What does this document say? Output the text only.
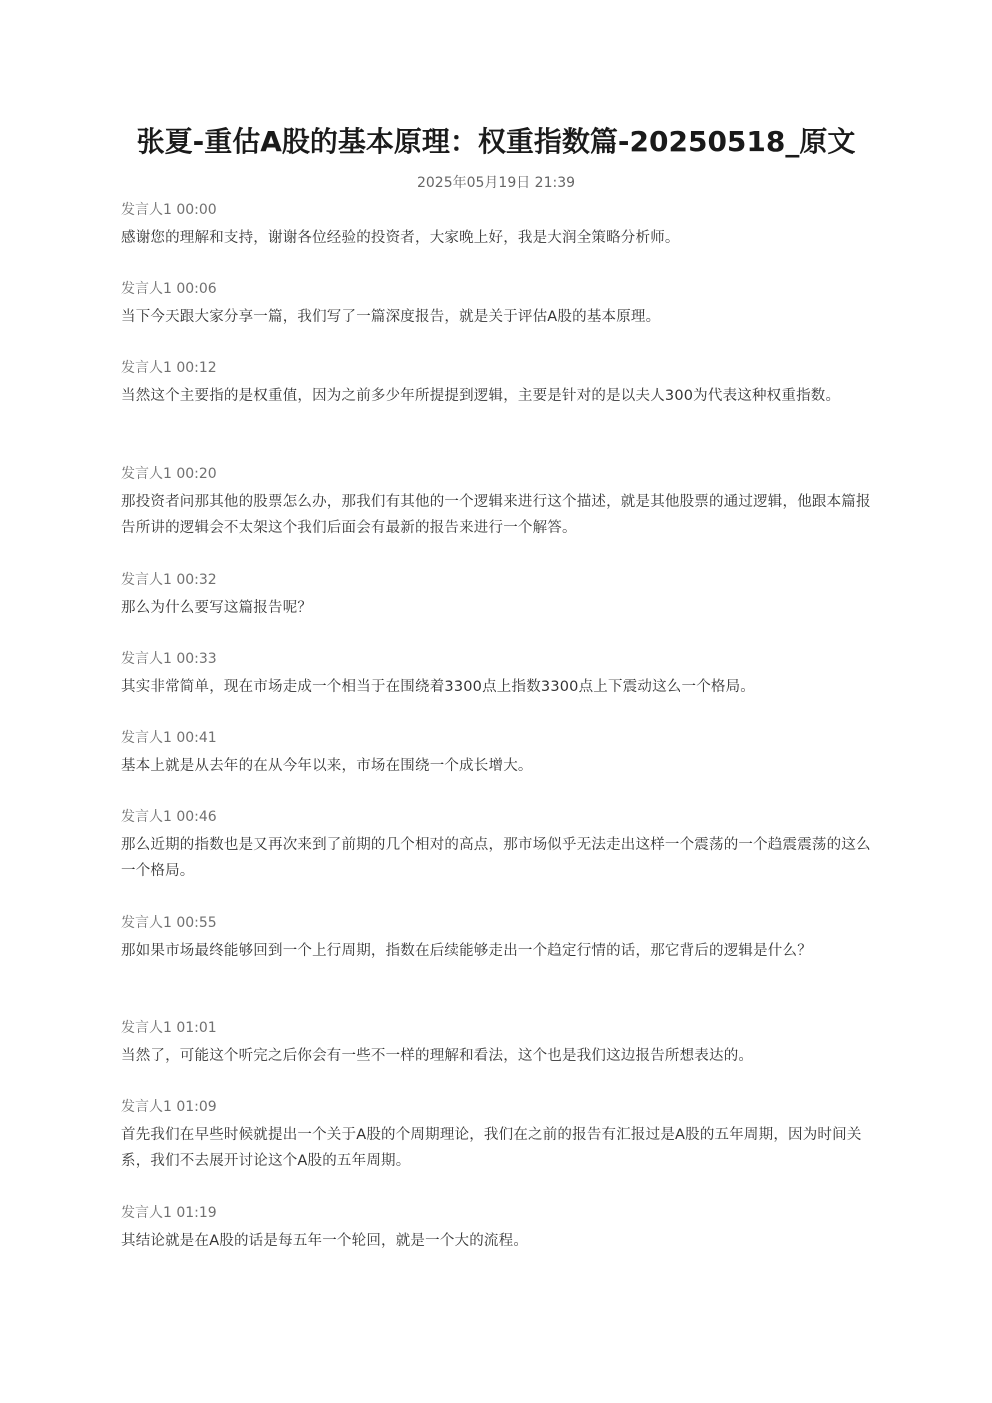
张夏-重估A股的基本原理：权重指数篇-20250518_原文
2025年05月19日 21:39
发言人1 00:00
感谢您的理解和支持，谢谢各位经验的投资者，大家晚上好，我是大润全策略分析师。
发言人1 00:06
当下今天跟大家分享一篇，我们写了一篇深度报告，就是关于评估A股的基本原理。
发言人1 00:12
当然这个主要指的是权重值，因为之前多少年所提提到逻辑，主要是针对的是以夫人300为代表这种权重指数。
发言人1 00:20
那投资者问那其他的股票怎么办，那我们有其他的一个逻辑来进行这个描述，就是其他股票的通过逻辑，他跟本篇报告所讲的逻辑会不太架这个我们后面会有最新的报告来进行一个解答。
发言人1 00:32
那么为什么要写这篇报告呢？
发言人1 00:33
其实非常简单，现在市场走成一个相当于在围绕着3300点上指数3300点上下震动这么一个格局。
发言人1 00:41
基本上就是从去年的在从今年以来，市场在围绕一个成长增大。
发言人1 00:46
那么近期的指数也是又再次来到了前期的几个相对的高点，那市场似乎无法走出这样一个震荡的一个趋震震荡的这么一个格局。
发言人1 00:55
那如果市场最终能够回到一个上行周期，指数在后续能够走出一个趋定行情的话，那它背后的逻辑是什么？
发言人1 01:01
当然了，可能这个听完之后你会有一些不一样的理解和看法，这个也是我们这边报告所想表达的。
发言人1 01:09
首先我们在早些时候就提出一个关于A股的个周期理论，我们在之前的报告有汇报过是A股的五年周期，因为时间关系，我们不去展开讨论这个A股的五年周期。
发言人1 01:19
其结论就是在A股的话是每五年一个轮回，就是一个大的流程。
